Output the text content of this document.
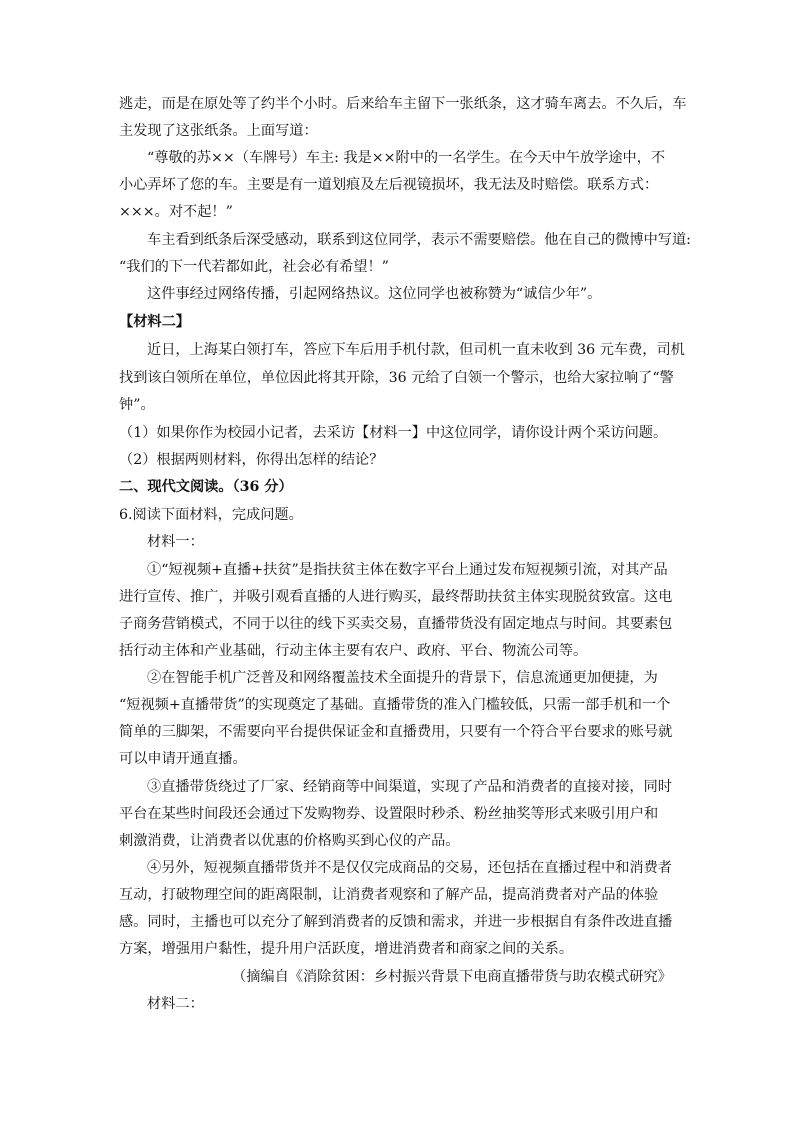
逃走，而是在原处等了约半个小时。后来给车主留下一张纸条，这才骑车离去。不久后，车
主发现了这张纸条。上面写道：
“尊敬的苏××（车牌号）车主: 我是××附中的一名学生。在今天中午放学途中，不
小心弄坏了您的车。主要是有一道划痕及左后视镜损坏，我无法及时赔偿。联系方式：
×××。对不起！”
车主看到纸条后深受感动，联系到这位同学，表示不需要赔偿。他在自己的微博中写道:
“我们的下一代若都如此，社会必有希望！”
这件事经过网络传播，引起网络热议。这位同学也被称赞为“诚信少年”。
【材料二】
近日，上海某白领打车，答应下车后用手机付款，但司机一直未收到 36 元车费，司机
找到该白领所在单位，单位因此将其开除，36 元给了白领一个警示，也给大家拉响了“警
钟”。
（1）如果你作为校园小记者，去采访【材料一】中这位同学，请你设计两个采访问题。
（2）根据两则材料，你得出怎样的结论？
二、现代文阅读。（36 分）
6.阅读下面材料，完成问题。
材料一：
①“短视频+直播+扶贫”是指扶贫主体在数字平台上通过发布短视频引流，对其产品
进行宣传、推广，并吸引观看直播的人进行购买，最终帮助扶贫主体实现脱贫致富。这电
子商务营销模式，不同于以往的线下买卖交易，直播带货没有固定地点与时间。其要素包
括行动主体和产业基础，行动主体主要有农户、政府、平台、物流公司等。
②在智能手机广泛普及和网络覆盖技术全面提升的背景下，信息流通更加便捷，为
“短视频+直播带货”的实现奠定了基础。直播带货的准入门槛较低，只需一部手机和一个
简单的三脚架，不需要向平台提供保证金和直播费用，只要有一个符合平台要求的账号就
可以申请开通直播。
③直播带货绕过了厂家、经销商等中间渠道，实现了产品和消费者的直接对接，同时
平台在某些时间段还会通过下发购物券、设置限时秒杀、粉丝抽奖等形式来吸引用户和
刺激消费，让消费者以优惠的价格购买到心仪的产品。
④另外，短视频直播带货并不是仅仅完成商品的交易，还包括在直播过程中和消费者
互动，打破物理空间的距离限制，让消费者观察和了解产品，提高消费者对产品的体验
感。同时，主播也可以充分了解到消费者的反馈和需求，并进一步根据自有条件改进直播
方案，增强用户黏性，提升用户活跃度，增进消费者和商家之间的关系。
（摘编自《消除贫困：乡村振兴背景下电商直播带货与助农模式研究》
材料二：
